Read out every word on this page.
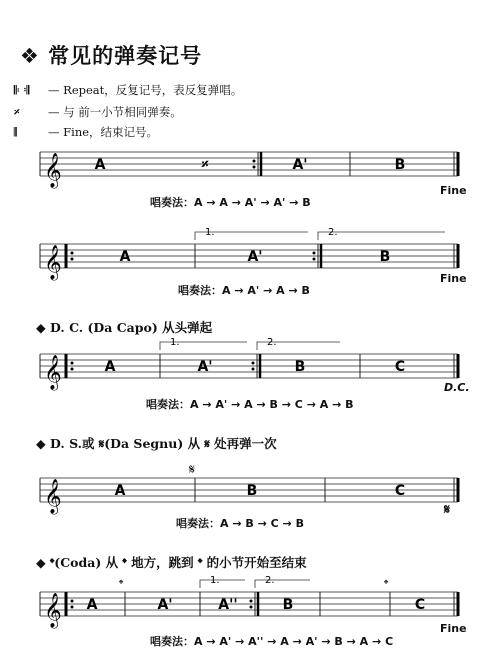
❖ 常见的弹奏记号
𝄆 𝄇 — Repeat，反复记号，表反复弹唱。
𝄎 — 与 前一小节相同弹奏。
𝄂	— Fine，结束记号。
𝄞 A	𝄎	A'	B
𝄞	A	A'	B
1.	2.
𝄞	A	A'	B	C
1.	2.
𝄞	A	B	C
𝄋
𝄞 A	A'	A''	B	C
1.	2.
𝄌	𝄌
唱奏法：A → A → A' → A' → B
Fine
唱奏法：A → A' → A → B
Fine
◆ D. C. (Da Capo) 从头弹起
唱奏法：A → A' → A → B → C → A → B
D.C.
◆ D. S.或 𝄋(Da Segnu) 从 𝄋 处再弹一次
唱奏法：A → B → C → B
𝄋
◆ 𝄌(Coda) 从 𝄌 地方，跳到 𝄌 的小节开始至结束
唱奏法：A → A' → A'' → A → A' → B → A → C
Fine
